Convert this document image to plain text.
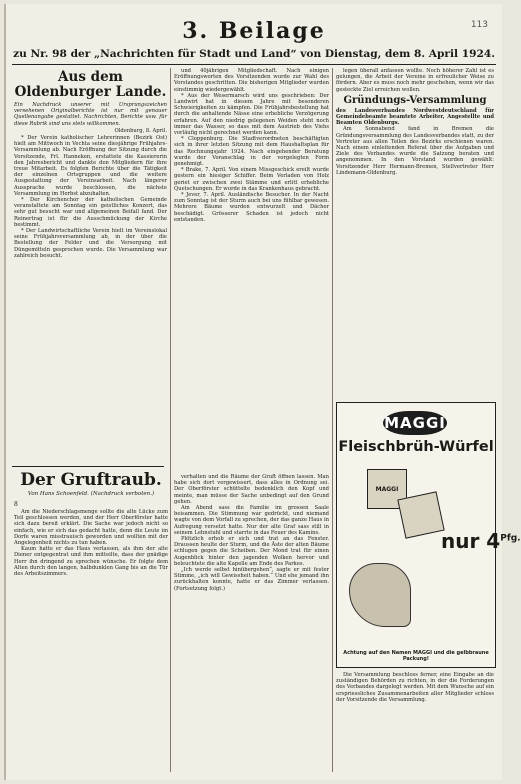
113
3. Beilage
zu Nr. 98 der „Nachrichten für Stadt und Land“ von Dienstag, dem 8. April 1924.
Aus dem Oldenburger Lande.

Ein Nachdruck unserer mit Ursprungszeichen versehenen Originalberichte ist nur mit genauer Quellenangabe gestattet. Nachrichten, Berichte usw. für diese Rubrik sind uns stets willkommen.

Oldenburg, 8. April.

* Der Verein katholischer Lehrerinnen (Bezirk Ost) hielt am Mittwoch in Vechta seine diesjährige Frühjahrs-Versammlung ab. Nach Eröffnung der Sitzung durch die Vorsitzende, Frl. Hanneken, erstattete die Kassiererin den Jahresbericht und dankte den Mitgliedern für ihre treue Mitarbeit. Es folgten Berichte über die Tätigkeit der einzelnen Ortsgruppen und die weitere Ausgestaltung der Vereinsarbeit. Nach längerer Aussprache wurde beschlossen, die nächste Versammlung im Herbst abzuhalten.

* Der Kirchenchor der katholischen Gemeinde veranstaltete am Sonntag ein geistliches Konzert, das sehr gut besucht war und allgemeinen Beifall fand. Der Reinertrag ist für die Ausschmückung der Kirche bestimmt.

* Der Landwirtschaftliche Verein hielt im Vereinslokal seine Frühjahrsversammlung ab, in der über die Bestellung der Felder und die Versorgung mit Düngemitteln gesprochen wurde. Die Versammlung war zahlreich besucht.

und 40jährigen Mitgliedschaft. Nach einigen Eröffnungsworten des Vorsitzenden wurde zur Wahl des Vorstandes geschritten. Die bisherigen Mitglieder wurden einstimmig wiedergewählt.

* Aus der Wesermarsch wird uns geschrieben: Der Landwirt hat in diesem Jahre mit besonderen Schwierigkeiten zu kämpfen. Die Frühjahrsbestellung hat durch die anhaltende Nässe eine erhebliche Verzögerung erfahren. Auf den niedrig gelegenen Weiden steht noch immer das Wasser, so dass mit dem Austrieb des Viehs vorläufig nicht gerechnet werden kann.

* Cloppenburg. Die Stadtverordneten beschäftigten sich in ihrer letzten Sitzung mit dem Haushaltsplan für das Rechnungsjahr 1924. Nach eingehender Beratung wurde der Voranschlag in der vorgelegten Form genehmigt.

* Brake, 7. April. Von einem Missgeschick ereilt wurde gestern ein hiesiger Schiffer. Beim Verladen von Holz geriet er zwischen zwei Stämme und erlitt erhebliche Quetschungen. Er wurde in das Krankenhaus gebracht.

* Jever, 7. April. Ausländische Besucher. In der Nacht zum Sonntag ist der Sturm auch bei uns fühlbar gewesen. Mehrere Bäume wurden entwurzelt und Dächer beschädigt. Grösserer Schaden ist jedoch nicht entstanden.

legen überall anfassen wollte. Noch höherer Zahl ist es gelungen, die Arbeit der Vereine in erfreulicher Weise zu fördern. Aber es muss noch mehr geschehen, wenn wir das gesteckte Ziel erreichen wollen.

Gründungs-Versammlung

des Landesverbandes Nordwestdeutschland für Gemeindebeamte beamtete Arbeiter, Angestellte und Beamten Oldenburgs.

Am Sonnabend fand in Bremen die Gründungsversammlung des Landesverbandes statt, zu der Vertreter aus allen Teilen des Bezirks erschienen waren. Nach einem einleitenden Referat über die Aufgaben und Ziele des Verbandes wurde die Satzung beraten und angenommen. In den Vorstand wurden gewählt: Vorsitzender Herr Hermann-Bremen, Stellvertreter Herr Lindemann-Oldenburg.

MAGGI
Fleischbrüh-Würfel
MAGGI
nur $4^{Pfg.}$
Achtung auf den Namen MAGGI und die gelbbraune Packung!
Der Gruftraub.
Von Hans Schoenfeld. (Nachdruck verboten.)
8

Am die Niederschlagsmenge sollte die alte Lücke zum Teil geschlossen werden, und der Herr Oberförster hatte sich dazu bereit erklärt. Die Sache war jedoch nicht so einfach, wie er sich das gedacht hatte, denn die Leute im Dorfe waren misstrauisch geworden und wollten mit der Angelegenheit nichts zu tun haben.

Kaum hatte er das Haus verlassen, als ihm der alte Diener entgegentrat und ihm mitteilte, dass der gnädige Herr ihn dringend zu sprechen wünsche. Er folgte dem Alten durch den langen, halbdunklen Gang bis an die Tür des Arbeitszimmers.

verhalten und die Räume der Gruft öffnen lassen. Man habe sich dort vergewissert, dass alles in Ordnung sei. Der Oberförster schüttelte bedenklich den Kopf und meinte, man müsse der Sache unbedingt auf den Grund gehen.

Am Abend sass die Familie im grossen Saale beisammen. Die Stimmung war gedrückt, und niemand wagte von dem Vorfall zu sprechen, der das ganze Haus in Aufregung versetzt hatte. Nur der alte Graf sass still in seinem Lehnstuhl und starrte in das Feuer des Kamins.

Plötzlich erhob er sich und trat an das Fenster. Draussen heulte der Sturm, und die Äste der alten Bäume schlugen gegen die Scheiben. Der Mond trat für einen Augenblick hinter den jagenden Wolken hervor und beleuchtete die alte Kapelle am Ende des Parkes.

„Ich werde selbst hinübergehen“, sagte er mit fester Stimme, „ich will Gewissheit haben.“ Und ehe jemand ihn zurückhalten konnte, hatte er das Zimmer verlassen. (Fortsetzung folgt.)

Die Versammlung beschloss ferner, eine Eingabe an die zuständigen Behörden zu richten, in der die Forderungen des Verbandes dargelegt werden. Mit dem Wunsche auf ein erspriessliches Zusammenarbeiten aller Mitglieder schloss der Vorsitzende die Versammlung.
